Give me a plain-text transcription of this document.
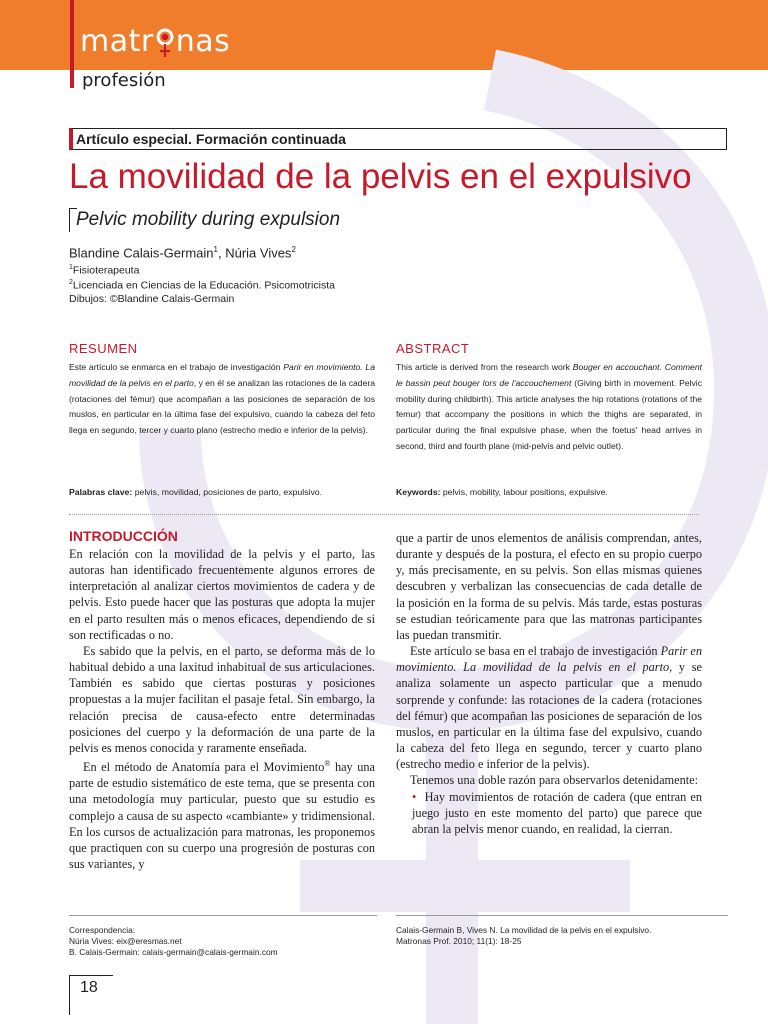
matr nas
profesión
Artículo especial. Formación continuada
La movilidad de la pelvis en el expulsivo
Pelvic mobility during expulsion
Blandine Calais-Germain$^1$, Núria Vives$^2$
$^1$Fisioterapeuta
$^2$Licenciada en Ciencias de la Educación. Psicomotricista
Dibujos: ©Blandine Calais-Germain
RESUMEN

Este artículo se enmarca en el trabajo de investigación Parir en movimiento. La movilidad de la pelvis en el parto, y en él se analizan las rotaciones de la cadera (rotaciones del fémur) que acompañan a las posiciones de separación de los muslos, en particular en la última fase del expulsivo, cuando la cabeza del feto llega en segundo, tercer y cuarto plano (estrecho medio e inferior de la pelvis).

Palabras clave: pelvis, movilidad, posiciones de parto, expulsivo.
ABSTRACT

This article is derived from the research work Bouger en accouchant. Comment le bassin peut bouger lors de l'accouchement (Giving birth in movement. Pelvic mobility during childbirth). This article analyses the hip rotations (rotations of the femur) that accompany the positions in which the thighs are separated, in particular during the final expulsive phase, when the foetus' head arrives in second, third and fourth plane (mid-pelvis and pelvic outlet).

Keywords: pelvis, mobility, labour positions, expulsive.
INTRODUCCIÓN

En relación con la movilidad de la pelvis y el parto, las autoras han identificado frecuentemente algunos errores de interpretación al analizar ciertos movimientos de cadera y de pelvis. Esto puede hacer que las posturas que adopta la mujer en el parto resulten más o menos eficaces, dependiendo de si son rectificadas o no.

Es sabido que la pelvis, en el parto, se deforma más de lo habitual debido a una laxitud inhabitual de sus articulaciones. También es sabido que ciertas posturas y posiciones propuestas a la mujer facilitan el pasaje fetal. Sin embargo, la relación precisa de causa-efecto entre determinadas posiciones del cuerpo y la deformación de una parte de la pelvis es menos conocida y raramente enseñada.

En el método de Anatomía para el Movimiento® hay una parte de estudio sistemático de este tema, que se presenta con una metodología muy particular, puesto que su estudio es complejo a causa de su aspecto «cambiante» y tridimensional. En los cursos de actualización para matronas, les proponemos que practiquen con su cuerpo una progresión de posturas con sus variantes, y

que a partir de unos elementos de análisis comprendan, antes, durante y después de la postura, el efecto en su propio cuerpo y, más precisamente, en su pelvis. Son ellas mismas quienes descubren y verbalizan las consecuencias de cada detalle de la posición en la forma de su pelvis. Más tarde, estas posturas se estudian teóricamente para que las matronas participantes las puedan transmitir.

Este artículo se basa en el trabajo de investigación Parir en movimiento. La movilidad de la pelvis en el parto, y se analiza solamente un aspecto particular que a menudo sorprende y confunde: las rotaciones de la cadera (rotaciones del fémur) que acompañan las posiciones de separación de los muslos, en particular en la última fase del expulsivo, cuando la cabeza del feto llega en segundo, tercer y cuarto plano (estrecho medio e inferior de la pelvis).

Tenemos una doble razón para observarlos detenidamente:

• Hay movimientos de rotación de cadera (que entran en juego justo en este momento del parto) que parece que abran la pelvis menor cuando, en realidad, la cierran.

Correspondencia:
Núria Vives: eix@eresmas.net
B. Calais-Germain: calais-germain@calais-germain.com
Calais-Germain B, Vives N. La movilidad de la pelvis en el expulsivo.
Matronas Prof. 2010; 11(1): 18-25
18
